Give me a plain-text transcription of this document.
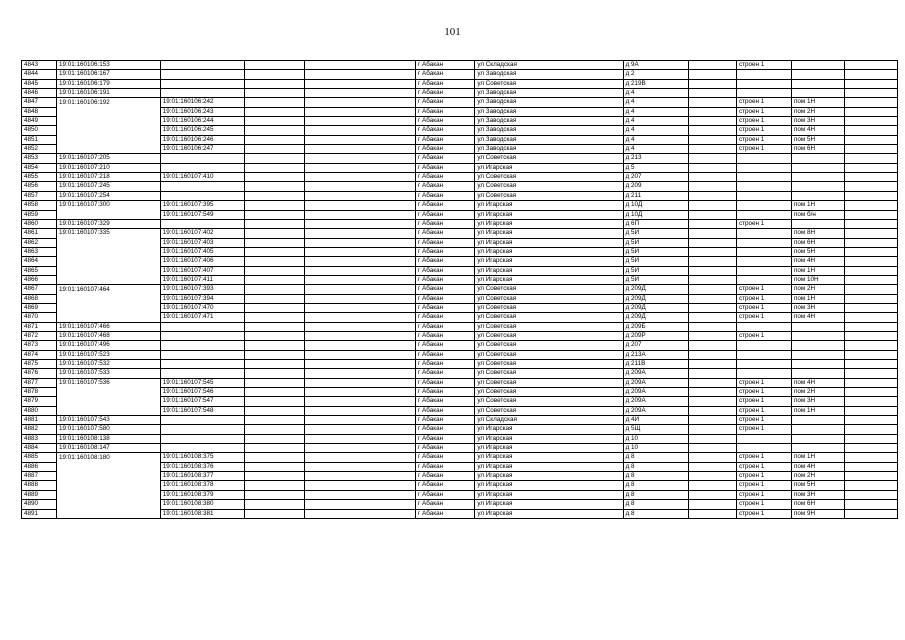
101
4843	19:01:160106:153				г Абакан	ул Складская	д 9А		строен 1		
4844	19:01:160106:167				г Абакан	ул Заводская	д 2				
4845	19:01:160106:179				г Абакан	ул Советская	д 219В				
4846	19:01:160106:191				г Абакан	ул Заводская	д 4				
4847	19:01:160106:192	19:01:160106:242			г Абакан	ул Заводская	д 4		строен 1	пом 1Н	
4848		19:01:160106:243			г Абакан	ул Заводская	д 4		строен 1	пом 2Н	
4849		19:01:160106:244			г Абакан	ул Заводская	д 4		строен 1	пом 3Н	
4850		19:01:160106:245			г Абакан	ул Заводская	д 4		строен 1	пом 4Н	
4851		19:01:160106:246			г Абакан	ул Заводская	д 4		строен 1	пом 5Н	
4852		19:01:160106:247			г Абакан	ул Заводская	д 4		строен 1	пом 6Н	
4853	19:01:160107:205				г Абакан	ул Советская	д 213				
4854	19:01:160107:210				г Абакан	ул Игарская	д 5				
4855	19:01:160107:218	19:01:160107:410			г Абакан	ул Советская	д 207				
4856	19:01:160107:245				г Абакан	ул Советская	д 209				
4857	19:01:160107:254				г Абакан	ул Советская	д 211				
4858	19:01:160107:300	19:01:160107:395			г Абакан	ул Игарская	д 10Д			пом 1Н	
4859		19:01:160107:549			г Абакан	ул Игарская	д 10Д			пом б/н	
4860	19:01:160107:329				г Абакан	ул Игарская	д 6П		строен 1		
4861	19:01:160107:335	19:01:160107:402			г Абакан	ул Игарская	д 5И			пом 8Н	
4862		19:01:160107:403			г Абакан	ул Игарская	д 5И			пом 6Н	
4863		19:01:160107:405			г Абакан	ул Игарская	д 5И			пом 5Н	
4864		19:01:160107:406			г Абакан	ул Игарская	д 5И			пом 4Н	
4865		19:01:160107:407			г Абакан	ул Игарская	д 5И			пом 1Н	
4866		19:01:160107:411			г Абакан	ул Игарская	д 5И			пом 10Н	
4867	19:01:160107:464	19:01:160107:393			г Абакан	ул Советская	д 209Д		строен 1	пом 2Н	
4868		19:01:160107:394			г Абакан	ул Советская	д 209Д		строен 1	пом 1Н	
4869		19:01:160107:470			г Абакан	ул Советская	д 209Д		строен 1	пом 3Н	
4870		19:01:160107:471			г Абакан	ул Советская	д 209Д		строен 1	пом 4Н	
4871	19:01:160107:466				г Абакан	ул Советская	д 209Б				
4872	19:01:160107:468				г Абакан	ул Советская	д 209Р		строен 1		
4873	19:01:160107:496				г Абакан	ул Советская	д 207				
4874	19:01:160107:523				г Абакан	ул Советская	д 213А				
4875	19:01:160107:532				г Абакан	ул Советская	д 211В				
4876	19:01:160107:533				г Абакан	ул Советская	д 209А				
4877	19:01:160107:536	19:01:160107:545			г Абакан	ул Советская	д 209А		строен 1	пом 4Н	
4878		19:01:160107:546			г Абакан	ул Советская	д 209А		строен 1	пом 2Н	
4879		19:01:160107:547			г Абакан	ул Советская	д 209А		строен 1	пом 3Н	
4880		19:01:160107:548			г Абакан	ул Советская	д 209А		строен 1	пом 1Н	
4881	19:01:160107:543				г Абакан	ул Складская	д 4И		строен 1		
4882	19:01:160107:580				г Абакан	ул Игарская	д 5Щ		строен 1		
4883	19:01:160108:138				г Абакан	ул Игарская	д 10				
4884	19:01:160108:147				г Абакан	ул Игарская	д 10				
4885	19:01:160108:180	19:01:160108:375			г Абакан	ул Игарская	д 8		строен 1	пом 1Н	
4886		19:01:160108:376			г Абакан	ул Игарская	д 8		строен 1	пом 4Н	
4887		19:01:160108:377			г Абакан	ул Игарская	д 8		строен 1	пом 2Н	
4888		19:01:160108:378			г Абакан	ул Игарская	д 8		строен 1	пом 5Н	
4889		19:01:160108:379			г Абакан	ул Игарская	д 8		строен 1	пом 3Н	
4890		19:01:160108:380			г Абакан	ул Игарская	д 8		строен 1	пом 6Н	
4891		19:01:160108:381			г Абакан	ул Игарская	д 8		строен 1	пом 9Н	
